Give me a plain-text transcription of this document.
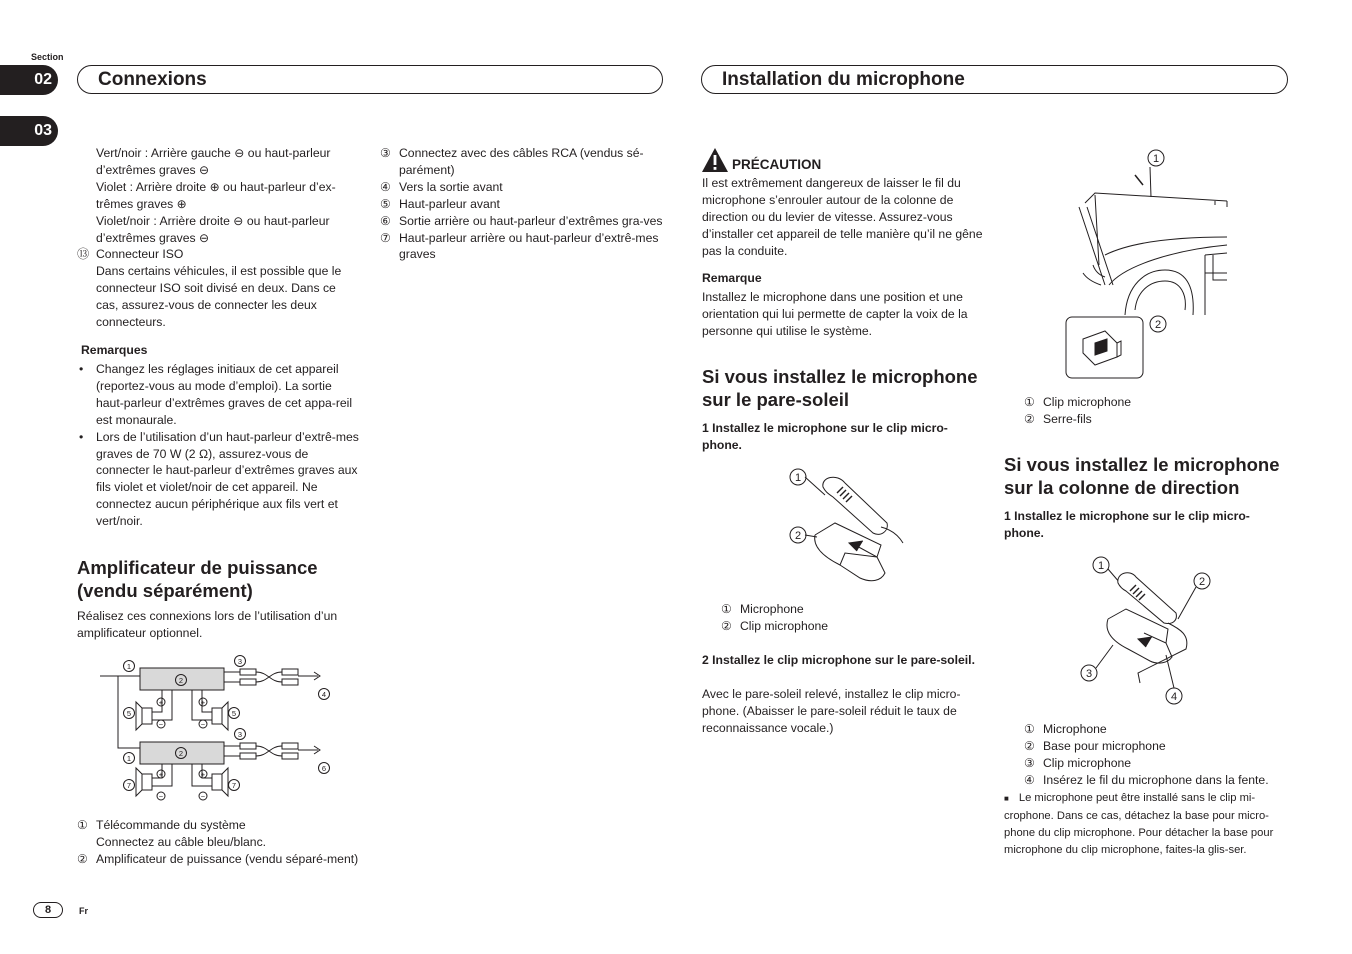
Section
02
03
Connexions	Installation du microphone

Vert/noir : Arrière gauche ⊖ ou haut-parleur d’extrêmes graves ⊖

Violet : Arrière droite ⊕ ou haut-parleur d’ex-trêmes graves ⊕

Violet/noir : Arrière droite ⊖ ou haut-parleur d’extrêmes graves ⊖

⑬ Connecteur ISO

Dans certains véhicules, il est possible que le connecteur ISO soit divisé en deux. Dans ce cas, assurez-vous de connecter les deux connecteurs.

Remarques
•	Changez les réglages initiaux de cet appareil (reportez-vous au mode d’emploi). La sortie haut-parleur d’extrêmes graves de cet appa-reil est monaurale.
•	Lors de l’utilisation d’un haut-parleur d’extrê-mes graves de 70 W (2 Ω), assurez-vous de connecter le haut-parleur d’extrêmes graves aux fils violet et violet/noir de cet appareil. Ne connectez aucun périphérique aux fils vert et vert/noir.
Amplificateur de puissance (vendu séparément)
Réalisez ces connexions lors de l’utilisation d’un amplificateur optionnel.
1
2
3
4
5	5
2
3
1
6
7	7
+
−
+
−
+
−
+
−
① Télécommande du système

Connectez au câble bleu/blanc.

② Amplificateur de puissance (vendu séparé-ment)
③ Connectez avec des câbles RCA (vendus sé-parément)
④ Vers la sortie avant
⑤ Haut-parleur avant
⑥ Sortie arrière ou haut-parleur d’extrêmes gra-ves
⑦ Haut-parleur arrière ou haut-parleur d’extrê-mes graves
PRÉCAUTION
Il est extrêmement dangereux de laisser le fil du microphone s’enrouler autour de la colonne de direction ou du levier de vitesse. Assurez-vous d’installer cet appareil de telle manière qu’il ne gêne pas la conduite.
Remarque
Installez le microphone dans une position et une orientation qui lui permette de capter la voix de la personne qui utilise le système.
Si vous installez le microphone sur le pare-soleil
1 Installez le microphone sur le clip micro-phone.
1
2
① Microphone
② Clip microphone
2 Installez le clip microphone sur le pare-soleil.
Avec le pare-soleil relevé, installez le clip micro-phone. (Abaisser le pare-soleil réduit le taux de reconnaissance vocale.)
1
2
① Clip microphone
② Serre-fils
Si vous installez le microphone sur la colonne de direction
1 Installez le microphone sur le clip micro-phone.
1
2
3
4
① Microphone
② Base pour microphone
③ Clip microphone
④ Insérez le fil du microphone dans la fente.
■ Le microphone peut être installé sans le clip mi-crophone. Dans ce cas, détachez la base pour micro-phone du clip microphone. Pour détacher la base pour microphone du clip microphone, faites-la glis-ser.
8	Fr
